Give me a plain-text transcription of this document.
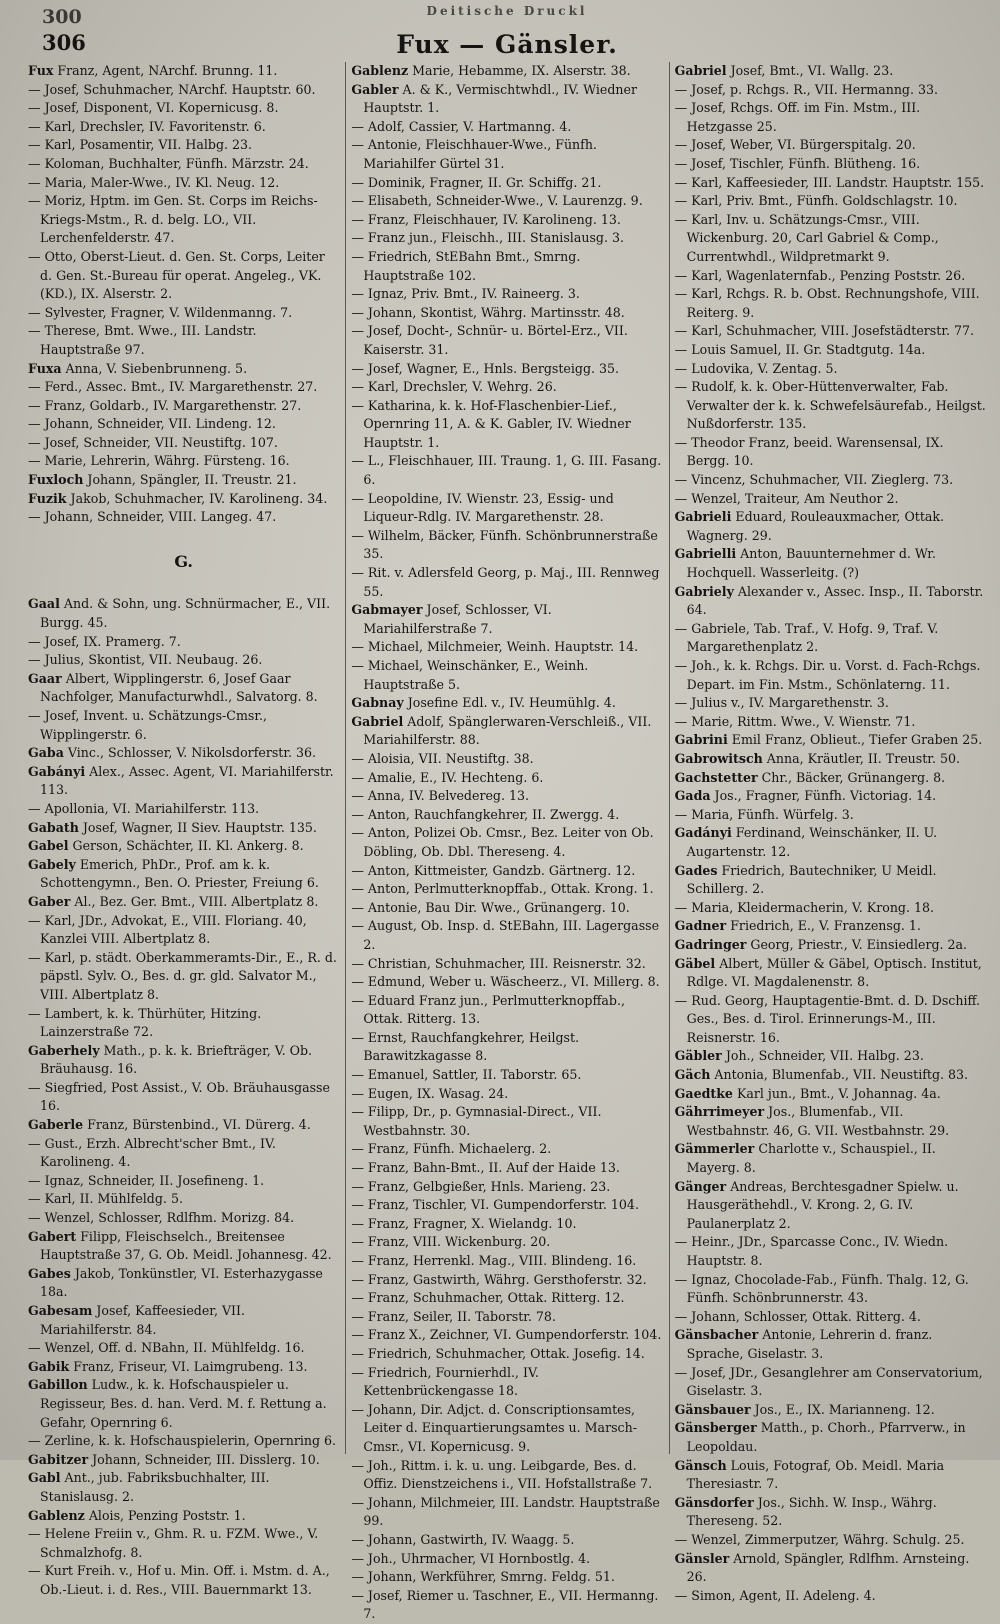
300
306
Deitische Druckl
Fux — Gänsler.

Fux Franz, Agent, NArchf. Brunng. 11.

— Josef, Schuhmacher, NArchf. Hauptstr. 60.

— Josef, Disponent, VI. Kopernicusg. 8.

— Karl, Drechsler, IV. Favoritenstr. 6.

— Karl, Posamentir, VII. Halbg. 23.

— Koloman, Buchhalter, Fünfh. Märzstr. 24.

— Maria, Maler-Wwe., IV. Kl. Neug. 12.

— Moriz, Hptm. im Gen. St. Corps im Reichs-Kriegs-Mstm., R. d. belg. LO., VII. Lerchenfelderstr. 47.

— Otto, Oberst-Lieut. d. Gen. St. Corps, Leiter d. Gen. St.-Bureau für operat. Angeleg., VK. (KD.), IX. Alserstr. 2.

— Sylvester, Fragner, V. Wildenmanng. 7.

— Therese, Bmt. Wwe., III. Landstr. Hauptstraße 97.

Fuxa Anna, V. Siebenbrunneng. 5.

— Ferd., Assec. Bmt., IV. Margarethenstr. 27.

— Franz, Goldarb., IV. Margarethenstr. 27.

— Johann, Schneider, VII. Lindeng. 12.

— Josef, Schneider, VII. Neustiftg. 107.

— Marie, Lehrerin, Währg. Fürsteng. 16.

Fuxloch Johann, Spängler, II. Treustr. 21.

Fuzik Jakob, Schuhmacher, IV. Karolineng. 34.

— Johann, Schneider, VIII. Langeg. 47.

G.

Gaal And. & Sohn, ung. Schnürmacher, E., VII. Burgg. 45.

— Josef, IX. Pramerg. 7.

— Julius, Skontist, VII. Neubaug. 26.

Gaar Albert, Wipplingerstr. 6, Josef Gaar Nachfolger, Manufacturwhdl., Salvatorg. 8.

— Josef, Invent. u. Schätzungs-Cmsr., Wipplingerstr. 6.

Gaba Vinc., Schlosser, V. Nikolsdorferstr. 36.

Gabányi Alex., Assec. Agent, VI. Mariahilferstr. 113.

— Apollonia, VI. Mariahilferstr. 113.

Gabath Josef, Wagner, II Siev. Hauptstr. 135.

Gabel Gerson, Schächter, II. Kl. Ankerg. 8.

Gabely Emerich, PhDr., Prof. am k. k. Schottengymn., Ben. O. Priester, Freiung 6.

Gaber Al., Bez. Ger. Bmt., VIII. Albertplatz 8.

— Karl, JDr., Advokat, E., VIII. Floriang. 40, Kanzlei VIII. Albertplatz 8.

— Karl, p. städt. Oberkammeramts-Dir., E., R. d. päpstl. Sylv. O., Bes. d. gr. gld. Salvator M., VIII. Albertplatz 8.

— Lambert, k. k. Thürhüter, Hitzing. Lainzerstraße 72.

Gaberhely Math., p. k. k. Briefträger, V. Ob. Bräuhausg. 16.

— Siegfried, Post Assist., V. Ob. Bräuhausgasse 16.

Gaberle Franz, Bürstenbind., VI. Dürerg. 4.

— Gust., Erzh. Albrecht'scher Bmt., IV. Karolineng. 4.

— Ignaz, Schneider, II. Josefineng. 1.

— Karl, II. Mühlfeldg. 5.

— Wenzel, Schlosser, Rdlfhm. Morizg. 84.

Gabert Filipp, Fleischselch., Breitensee Hauptstraße 37, G. Ob. Meidl. Johannesg. 42.

Gabes Jakob, Tonkünstler, VI. Esterhazygasse 18a.

Gabesam Josef, Kaffeesieder, VII. Mariahilferstr. 84.

— Wenzel, Off. d. NBahn, II. Mühlfeldg. 16.

Gabik Franz, Friseur, VI. Laimgrubeng. 13.

Gabillon Ludw., k. k. Hofschauspieler u. Regisseur, Bes. d. han. Verd. M. f. Rettung a. Gefahr, Opernring 6.

— Zerline, k. k. Hofschauspielerin, Opernring 6.

Gabitzer Johann, Schneider, III. Disslerg. 10.

Gabl Ant., jub. Fabriksbuchhalter, III. Stanislausg. 2.

Gablenz Alois, Penzing Poststr. 1.

— Helene Freiin v., Ghm. R. u. FZM. Wwe., V. Schmalzhofg. 8.

— Kurt Freih. v., Hof u. Min. Off. i. Mstm. d. A., Ob.-Lieut. i. d. Res., VIII. Bauernmarkt 13.

Gablenz Marie, Hebamme, IX. Alserstr. 38.

Gabler A. & K., Vermischtwhdl., IV. Wiedner Hauptstr. 1.

— Adolf, Cassier, V. Hartmanng. 4.

— Antonie, Fleischhauer-Wwe., Fünfh. Mariahilfer Gürtel 31.

— Dominik, Fragner, II. Gr. Schiffg. 21.

— Elisabeth, Schneider-Wwe., V. Laurenzg. 9.

— Franz, Fleischhauer, IV. Karolineng. 13.

— Franz jun., Fleischh., III. Stanislausg. 3.

— Friedrich, StEBahn Bmt., Smrng. Hauptstraße 102.

— Ignaz, Priv. Bmt., IV. Raineerg. 3.

— Johann, Skontist, Währg. Martinsstr. 48.

— Josef, Docht-, Schnür- u. Börtel-Erz., VII. Kaiserstr. 31.

— Josef, Wagner, E., Hnls. Bergsteigg. 35.

— Karl, Drechsler, V. Wehrg. 26.

— Katharina, k. k. Hof-Flaschenbier-Lief., Opernring 11, A. & K. Gabler, IV. Wiedner Hauptstr. 1.

— L., Fleischhauer, III. Traung. 1, G. III. Fasang. 6.

— Leopoldine, IV. Wienstr. 23, Essig- und Liqueur-Rdlg. IV. Margarethenstr. 28.

— Wilhelm, Bäcker, Fünfh. Schönbrunnerstraße 35.

— Rit. v. Adlersfeld Georg, p. Maj., III. Rennweg 55.

Gabmayer Josef, Schlosser, VI. Mariahilferstraße 7.

— Michael, Milchmeier, Weinh. Hauptstr. 14.

— Michael, Weinschänker, E., Weinh. Hauptstraße 5.

Gabnay Josefine Edl. v., IV. Heumühlg. 4.

Gabriel Adolf, Spänglerwaren-Verschleiß., VII. Mariahilferstr. 88.

— Aloisia, VII. Neustiftg. 38.

— Amalie, E., IV. Hechteng. 6.

— Anna, IV. Belvedereg. 13.

— Anton, Rauchfangkehrer, II. Zwergg. 4.

— Anton, Polizei Ob. Cmsr., Bez. Leiter von Ob. Döbling, Ob. Dbl. Thereseng. 4.

— Anton, Kittmeister, Gandzb. Gärtnerg. 12.

— Anton, Perlmutterknopffab., Ottak. Krong. 1.

— Antonie, Bau Dir. Wwe., Grünangerg. 10.

— August, Ob. Insp. d. StEBahn, III. Lagergasse 2.

— Christian, Schuhmacher, III. Reisnerstr. 32.

— Edmund, Weber u. Wäscheerz., VI. Millerg. 8.

— Eduard Franz jun., Perlmutterknopffab., Ottak. Ritterg. 13.

— Ernst, Rauchfangkehrer, Heilgst. Barawitzkagasse 8.

— Emanuel, Sattler, II. Taborstr. 65.

— Eugen, IX. Wasag. 24.

— Filipp, Dr., p. Gymnasial-Direct., VII. Westbahnstr. 30.

— Franz, Fünfh. Michaelerg. 2.

— Franz, Bahn-Bmt., II. Auf der Haide 13.

— Franz, Gelbgießer, Hnls. Marieng. 23.

— Franz, Tischler, VI. Gumpendorferstr. 104.

— Franz, Fragner, X. Wielandg. 10.

— Franz, VIII. Wickenburg. 20.

— Franz, Herrenkl. Mag., VIII. Blindeng. 16.

— Franz, Gastwirth, Währg. Gersthoferstr. 32.

— Franz, Schuhmacher, Ottak. Ritterg. 12.

— Franz, Seiler, II. Taborstr. 78.

— Franz X., Zeichner, VI. Gumpendorferstr. 104.

— Friedrich, Schuhmacher, Ottak. Josefig. 14.

— Friedrich, Fournierhdl., IV. Kettenbrückengasse 18.

— Johann, Dir. Adjct. d. Conscriptionsamtes, Leiter d. Einquartierungsamtes u. Marsch-Cmsr., VI. Kopernicusg. 9.

— Joh., Rittm. i. k. u. ung. Leibgarde, Bes. d. Offiz. Dienstzeichens i., VII. Hofstallstraße 7.

— Johann, Milchmeier, III. Landstr. Hauptstraße 99.

— Johann, Gastwirth, IV. Waagg. 5.

— Joh., Uhrmacher, VI Hornbostlg. 4.

— Johann, Werkführer, Smrng. Feldg. 51.

— Josef, Riemer u. Taschner, E., VII. Hermanng. 7.

Gabriel Josef, Bmt., VI. Wallg. 23.

— Josef, p. Rchgs. R., VII. Hermanng. 33.

— Josef, Rchgs. Off. im Fin. Mstm., III. Hetzgasse 25.

— Josef, Weber, VI. Bürgerspitalg. 20.

— Josef, Tischler, Fünfh. Blütheng. 16.

— Karl, Kaffeesieder, III. Landstr. Hauptstr. 155.

— Karl, Priv. Bmt., Fünfh. Goldschlagstr. 10.

— Karl, Inv. u. Schätzungs-Cmsr., VIII. Wickenburg. 20, Carl Gabriel & Comp., Currentwhdl., Wildpretmarkt 9.

— Karl, Wagenlaternfab., Penzing Poststr. 26.

— Karl, Rchgs. R. b. Obst. Rechnungshofe, VIII. Reiterg. 9.

— Karl, Schuhmacher, VIII. Josefstädterstr. 77.

— Louis Samuel, II. Gr. Stadtgutg. 14a.

— Ludovika, V. Zentag. 5.

— Rudolf, k. k. Ober-Hüttenverwalter, Fab. Verwalter der k. k. Schwefelsäurefab., Heilgst. Nußdorferstr. 135.

— Theodor Franz, beeid. Warensensal, IX. Bergg. 10.

— Vincenz, Schuhmacher, VII. Zieglerg. 73.

— Wenzel, Traiteur, Am Neuthor 2.

Gabrieli Eduard, Rouleauxmacher, Ottak. Wagnerg. 29.

Gabrielli Anton, Bauunternehmer d. Wr. Hochquell. Wasserleitg. (?)

Gabriely Alexander v., Assec. Insp., II. Taborstr. 64.

— Gabriele, Tab. Traf., V. Hofg. 9, Traf. V. Margarethenplatz 2.

— Joh., k. k. Rchgs. Dir. u. Vorst. d. Fach-Rchgs. Depart. im Fin. Mstm., Schönlaterng. 11.

— Julius v., IV. Margarethenstr. 3.

— Marie, Rittm. Wwe., V. Wienstr. 71.

Gabrini Emil Franz, Oblieut., Tiefer Graben 25.

Gabrowitsch Anna, Kräutler, II. Treustr. 50.

Gachstetter Chr., Bäcker, Grünangerg. 8.

Gada Jos., Fragner, Fünfh. Victoriag. 14.

— Maria, Fünfh. Würfelg. 3.

Gadányi Ferdinand, Weinschänker, II. U. Augartenstr. 12.

Gades Friedrich, Bautechniker, U Meidl. Schillerg. 2.

— Maria, Kleidermacherin, V. Krong. 18.

Gadner Friedrich, E., V. Franzensg. 1.

Gadringer Georg, Priestr., V. Einsiedlerg. 2a.

Gäbel Albert, Müller & Gäbel, Optisch. Institut, Rdlge. VI. Magdalenenstr. 8.

— Rud. Georg, Hauptagentie-Bmt. d. D. Dschiff. Ges., Bes. d. Tirol. Erinnerungs-M., III. Reisnerstr. 16.

Gäbler Joh., Schneider, VII. Halbg. 23.

Gäch Antonia, Blumenfab., VII. Neustiftg. 83.

Gaedtke Karl jun., Bmt., V. Johannag. 4a.

Gährrimeyer Jos., Blumenfab., VII. Westbahnstr. 46, G. VII. Westbahnstr. 29.

Gämmerler Charlotte v., Schauspiel., II. Mayerg. 8.

Gänger Andreas, Berchtesgadner Spielw. u. Hausgeräthehdl., V. Krong. 2, G. IV. Paulanerplatz 2.

— Heinr., JDr., Sparcasse Conc., IV. Wiedn. Hauptstr. 8.

— Ignaz, Chocolade-Fab., Fünfh. Thalg. 12, G. Fünfh. Schönbrunnerstr. 43.

— Johann, Schlosser, Ottak. Ritterg. 4.

Gänsbacher Antonie, Lehrerin d. franz. Sprache, Giselastr. 3.

— Josef, JDr., Gesanglehrer am Conservatorium, Giselastr. 3.

Gänsbauer Jos., E., IX. Marianneng. 12.

Gänsberger Matth., p. Chorh., Pfarrverw., in Leopoldau.

Gänsch Louis, Fotograf, Ob. Meidl. Maria Theresiastr. 7.

Gänsdorfer Jos., Sichh. W. Insp., Währg. Thereseng. 52.

— Wenzel, Zimmerputzer, Währg. Schulg. 25.

Gänsler Arnold, Spängler, Rdlfhm. Arnsteing. 26.

— Simon, Agent, II. Adeleng. 4.
